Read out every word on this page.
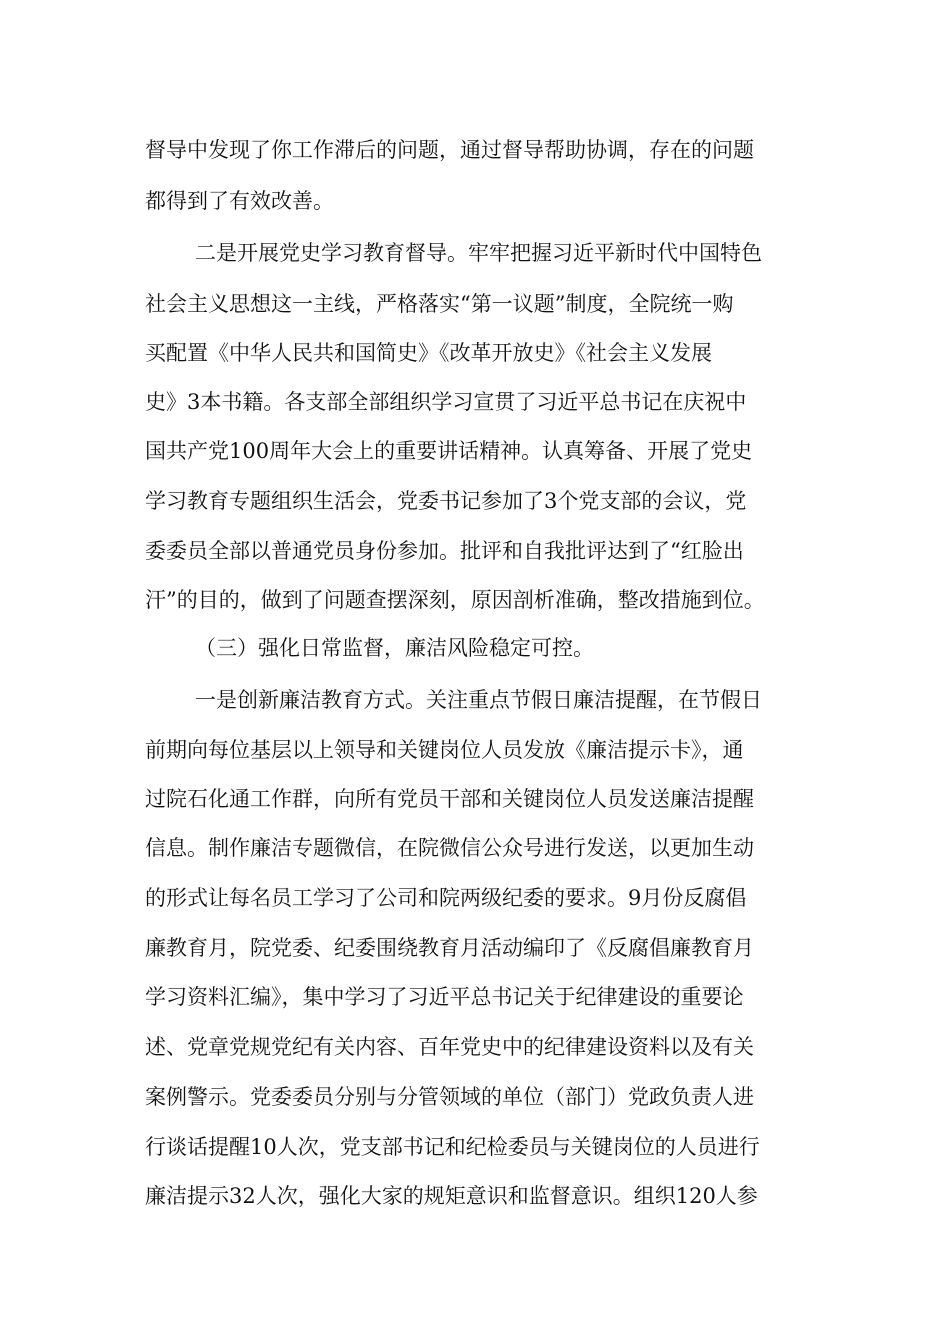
督导中发现了你工作滞后的问题，通过督导帮助协调，存在的问题
都得到了有效改善。
二是开展党史学习教育督导。牢牢把握习近平新时代中国特色
社会主义思想这一主线，严格落实“第一议题”制度，全院统一购
买配置《中华人民共和国简史》《改革开放史》《社会主义发展
史》3本书籍。各支部全部组织学习宣贯了习近平总书记在庆祝中
国共产党100周年大会上的重要讲话精神。认真筹备、开展了党史
学习教育专题组织生活会，党委书记参加了3个党支部的会议，党
委委员全部以普通党员身份参加。批评和自我批评达到了“红脸出
汗”的目的，做到了问题查摆深刻，原因剖析准确，整改措施到位。
（三）强化日常监督，廉洁风险稳定可控。
一是创新廉洁教育方式。关注重点节假日廉洁提醒，在节假日
前期向每位基层以上领导和关键岗位人员发放《廉洁提示卡》，通
过院石化通工作群，向所有党员干部和关键岗位人员发送廉洁提醒
信息。制作廉洁专题微信，在院微信公众号进行发送，以更加生动
的形式让每名员工学习了公司和院两级纪委的要求。9月份反腐倡
廉教育月，院党委、纪委围绕教育月活动编印了《反腐倡廉教育月
学习资料汇编》，集中学习了习近平总书记关于纪律建设的重要论
述、党章党规党纪有关内容、百年党史中的纪律建设资料以及有关
案例警示。党委委员分别与分管领域的单位（部门）党政负责人进
行谈话提醒10人次，党支部书记和纪检委员与关键岗位的人员进行
廉洁提示32人次，强化大家的规矩意识和监督意识。组织120人参
